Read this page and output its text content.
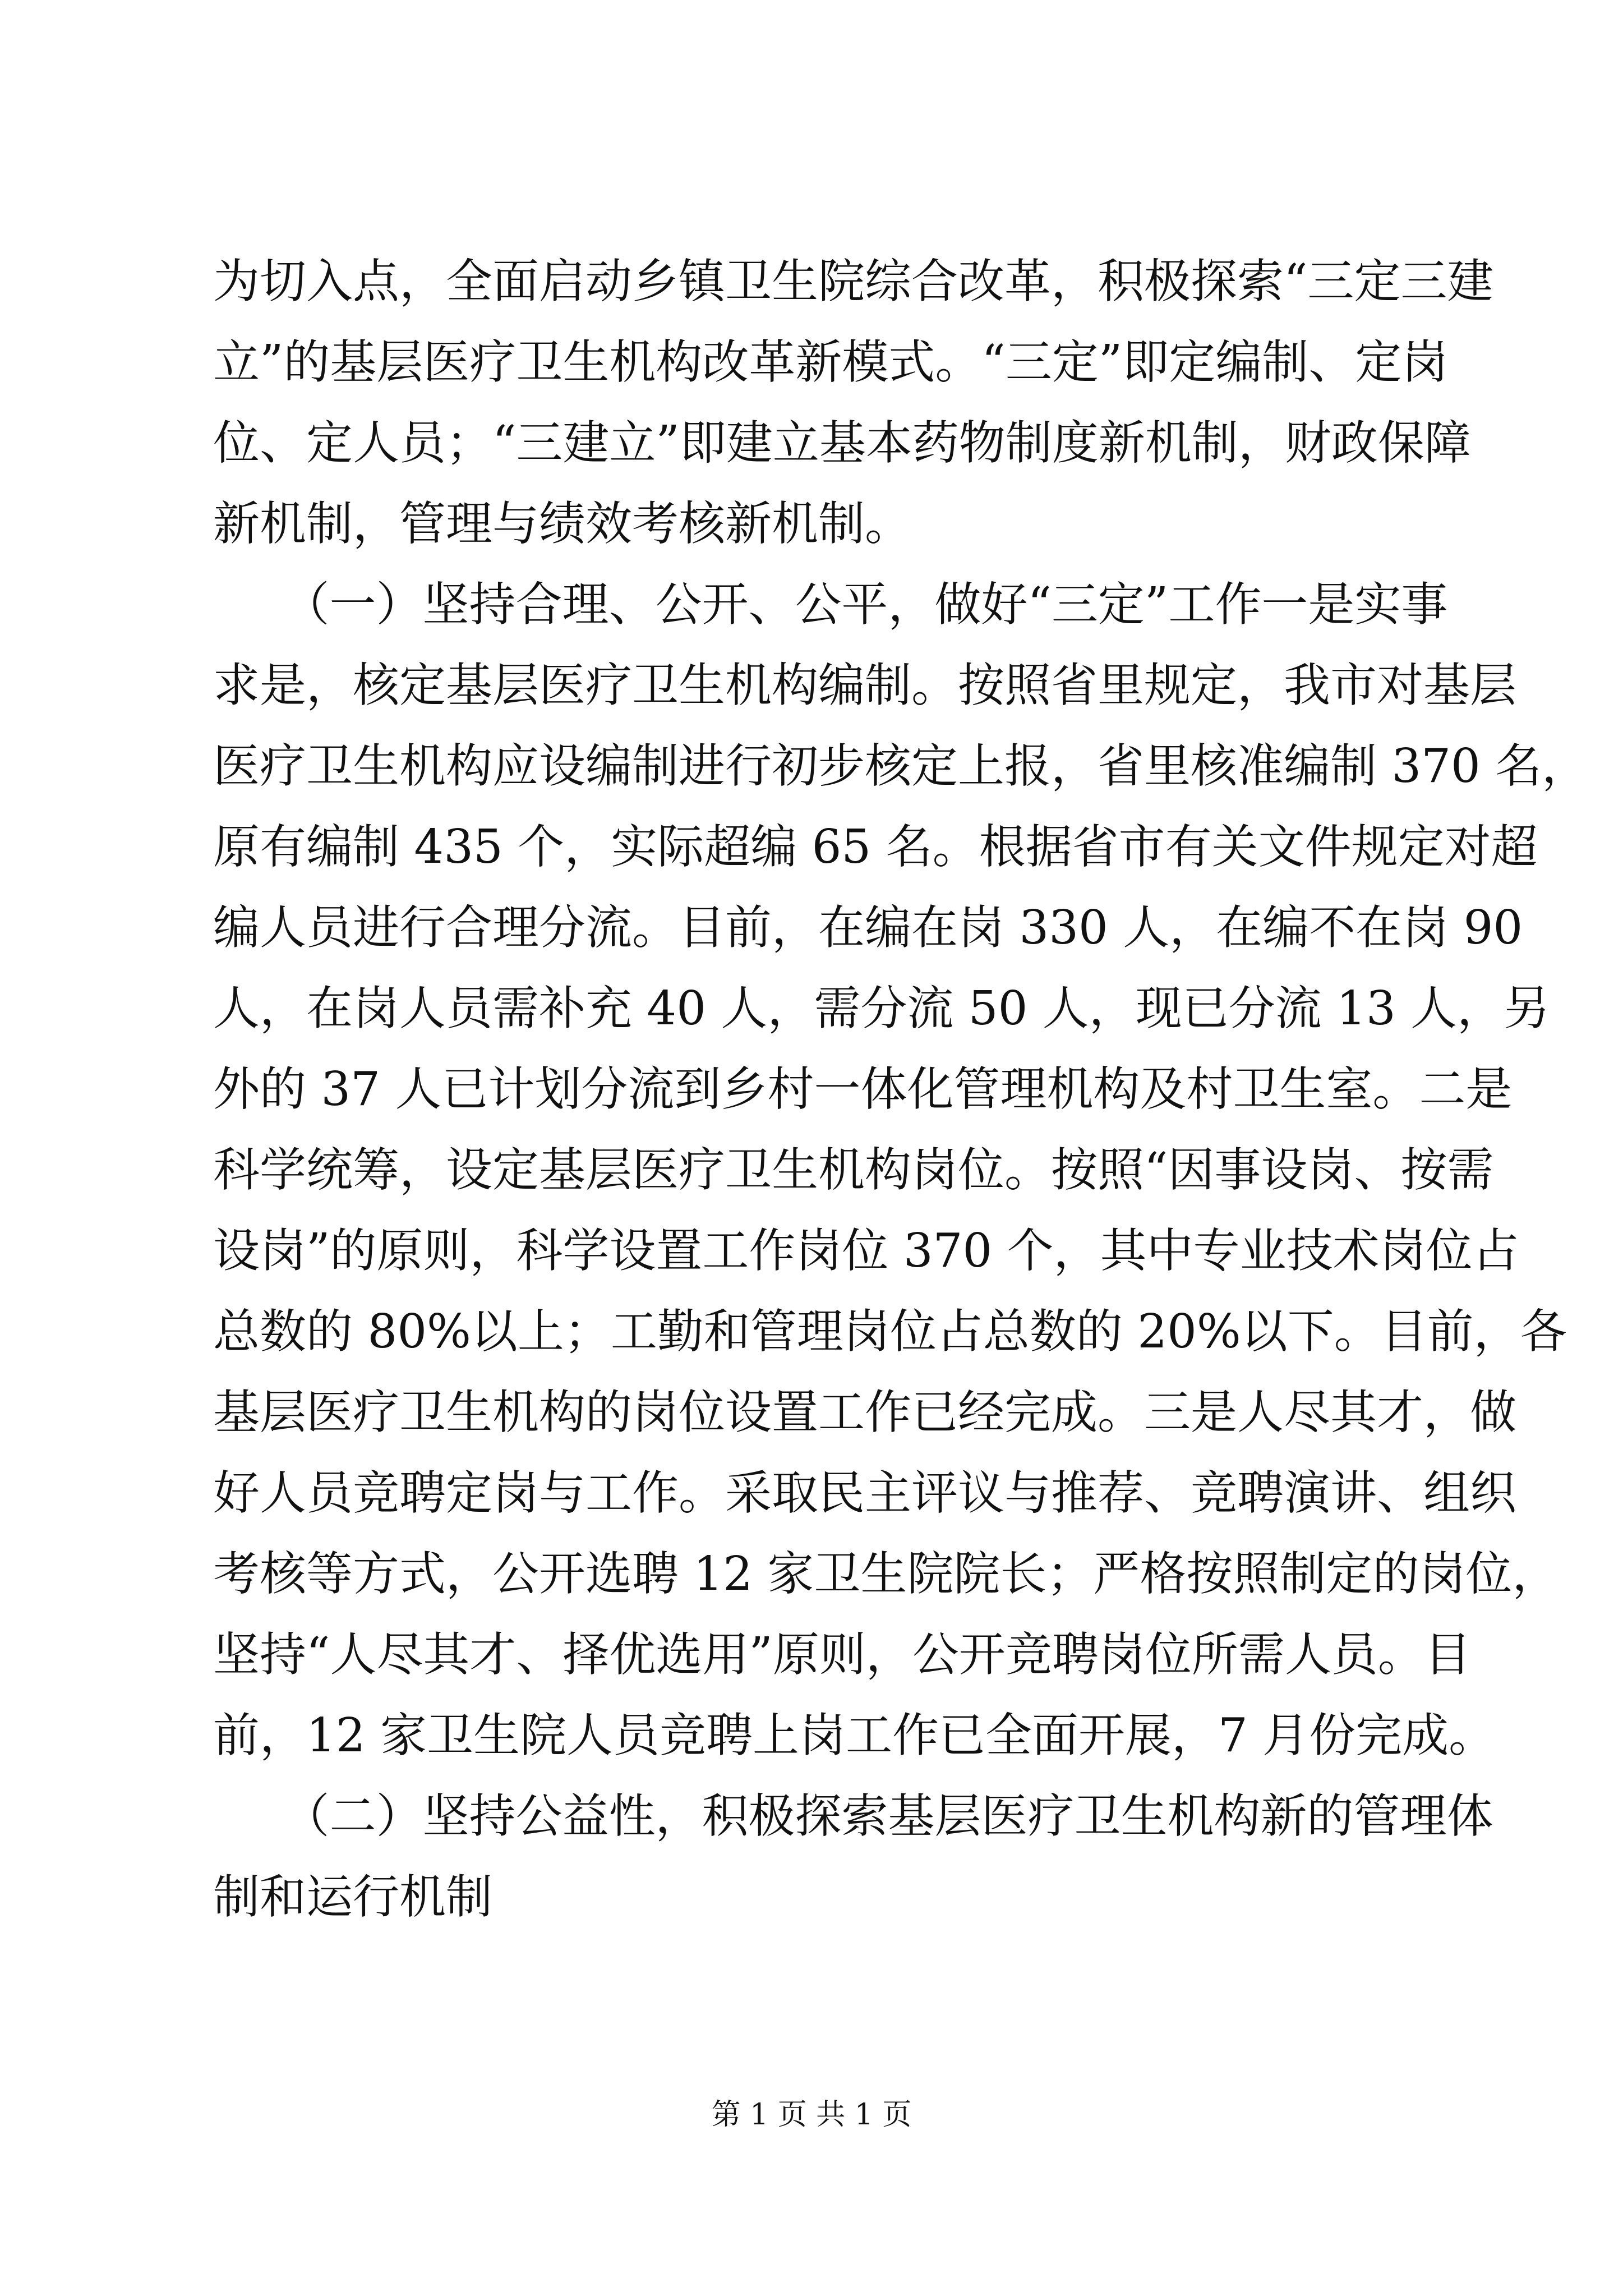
为切入点，全面启动乡镇卫生院综合改革，积极探索“三定三建
立”的基层医疗卫生机构改革新模式。“三定”即定编制、定岗
位、定人员；“三建立”即建立基本药物制度新机制，财政保障
新机制，管理与绩效考核新机制。
　　（一）坚持合理、公开、公平，做好“三定”工作一是实事
求是，核定基层医疗卫生机构编制。按照省里规定，我市对基层
医疗卫生机构应设编制进行初步核定上报，省里核准编制 370 名，
原有编制 435 个，实际超编 65 名。根据省市有关文件规定对超
编人员进行合理分流。目前，在编在岗 330 人，在编不在岗 90
人，在岗人员需补充 40 人，需分流 50 人，现已分流 13 人，另
外的 37 人已计划分流到乡村一体化管理机构及村卫生室。二是
科学统筹，设定基层医疗卫生机构岗位。按照“因事设岗、按需
设岗”的原则，科学设置工作岗位 370 个，其中专业技术岗位占
总数的 80%以上；工勤和管理岗位占总数的 20%以下。目前，各
基层医疗卫生机构的岗位设置工作已经完成。三是人尽其才，做
好人员竞聘定岗与工作。采取民主评议与推荐、竞聘演讲、组织
考核等方式，公开选聘 12 家卫生院院长；严格按照制定的岗位，
坚持“人尽其才、择优选用”原则，公开竞聘岗位所需人员。目
前，12 家卫生院人员竞聘上岗工作已全面开展，7 月份完成。
　　（二）坚持公益性，积极探索基层医疗卫生机构新的管理体
制和运行机制
第 1 页 共 1 页
